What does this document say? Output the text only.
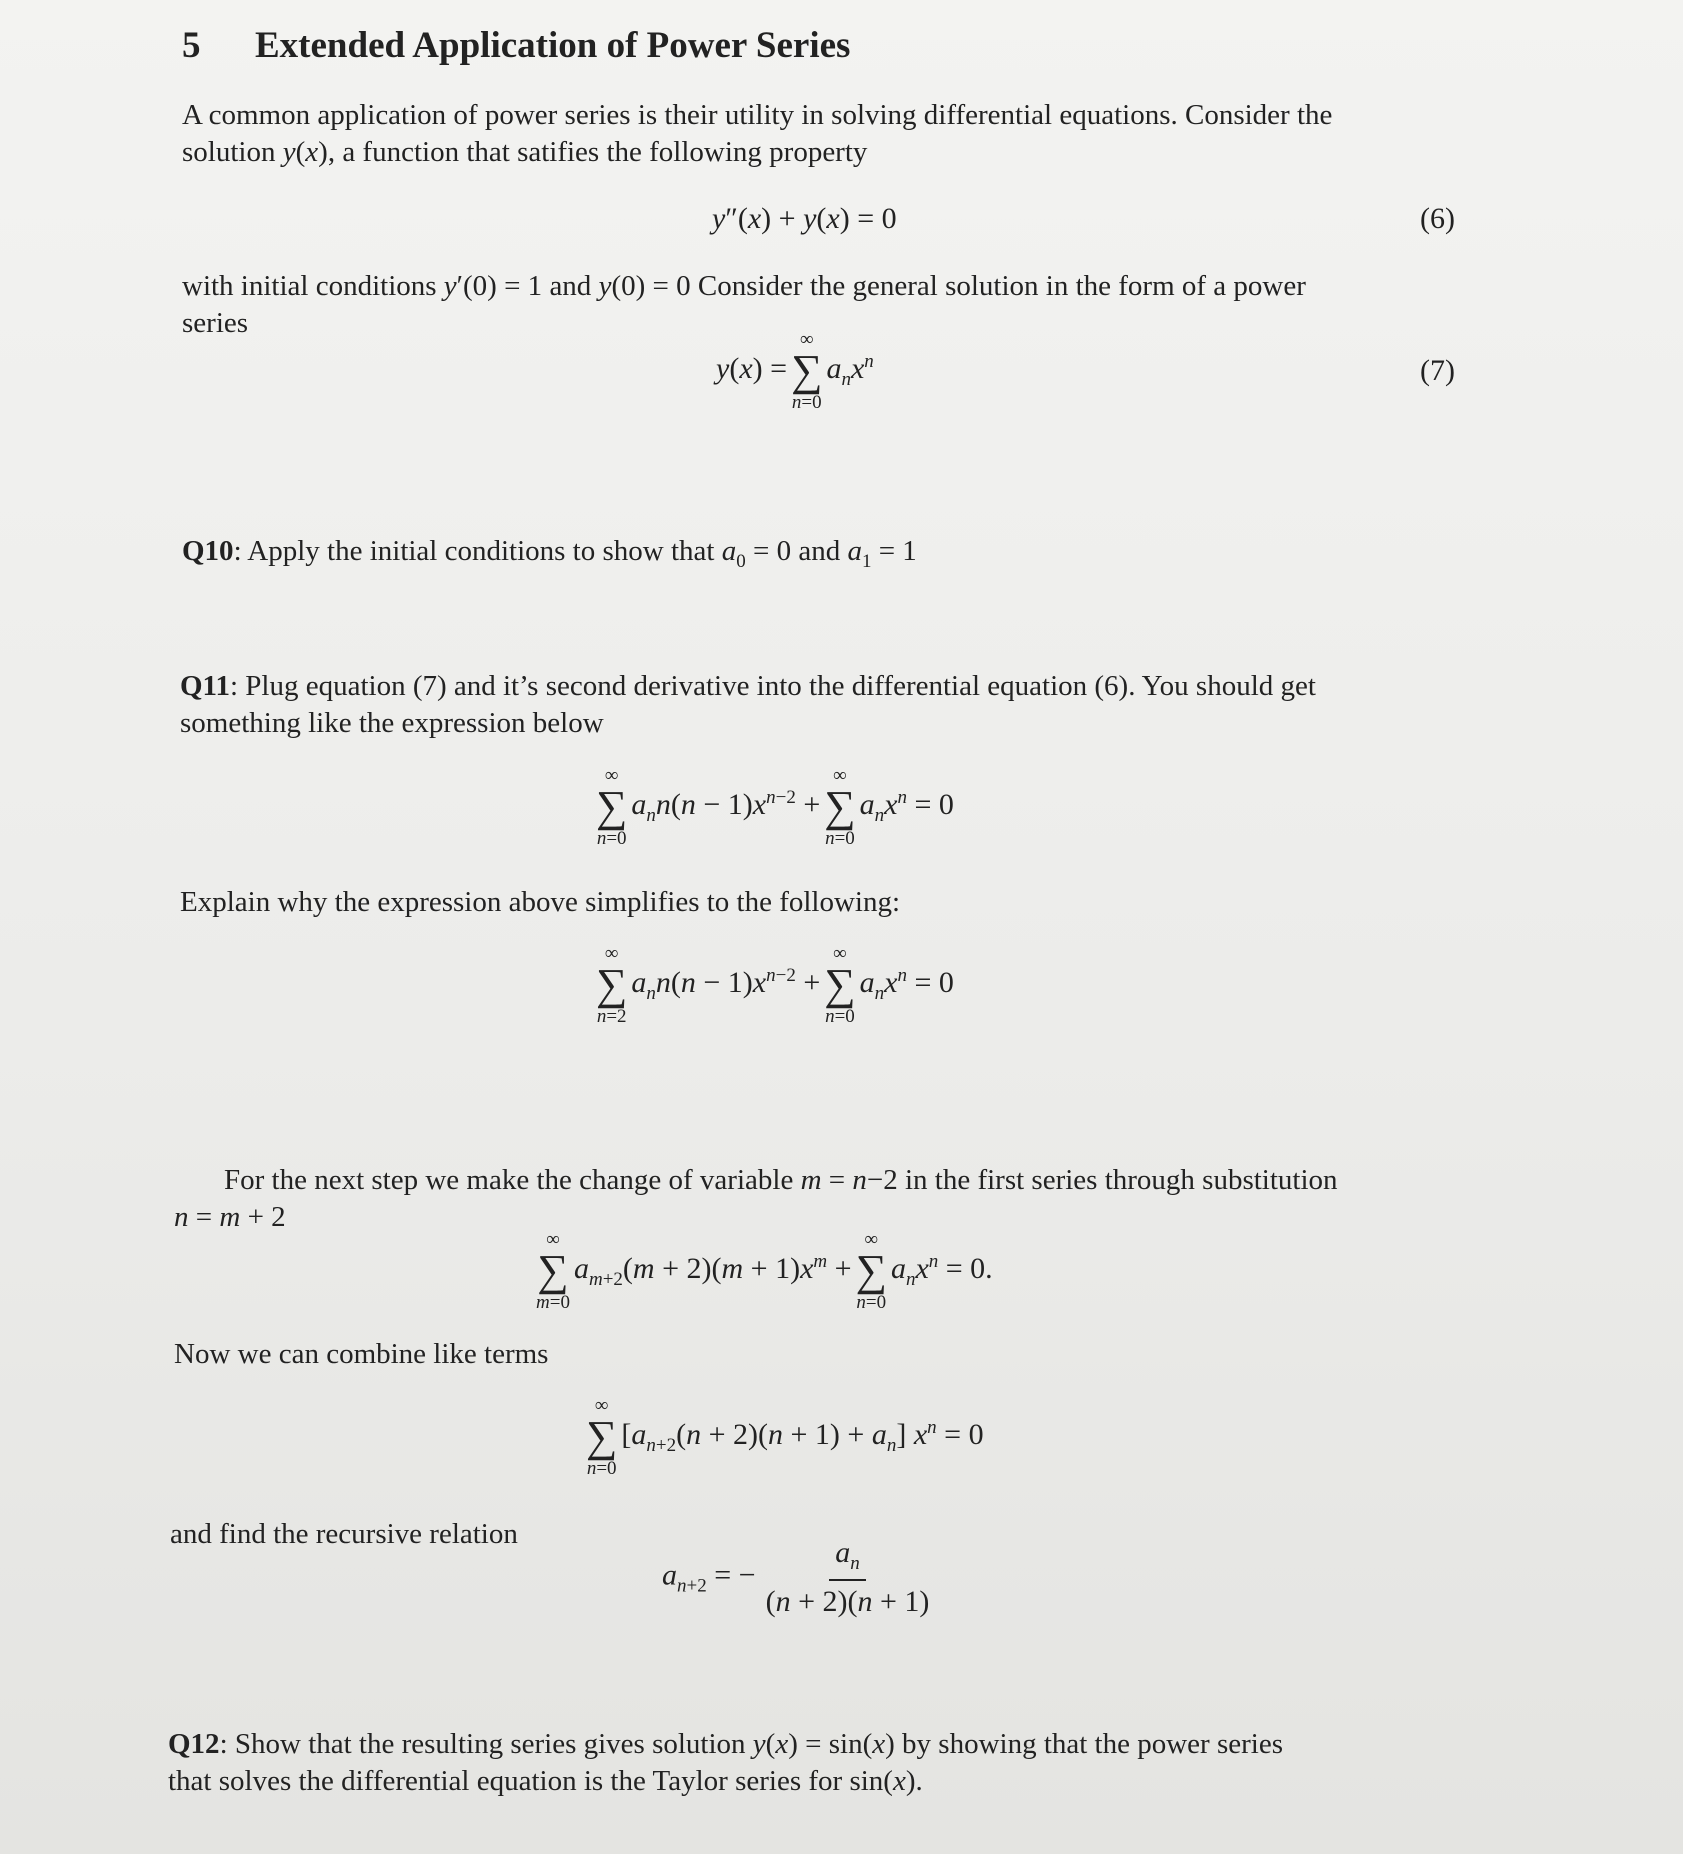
5 Extended Application of Power Series
A common application of power series is their utility in solving differential equations. Consider the
solution y(x), a function that satifies the following property
y″(x) + y(x) = 0	(6)
with initial conditions y′(0) = 1 and y(0) = 0 Consider the general solution in the form of a power
series
y(x) =
∞
∑
n=0
$a_nx^n$	(7)
Q10: Apply the initial conditions to show that $a_0 = 0$ and $a_1 = 1$
Q11: Plug equation (7) and it’s second derivative into the differential equation (6). You should get
something like the expression below
∞
∑
n=0
$a_nn(n - 1)x^{n-2}$ +
∞
∑
n=0
$a_nx^n = 0$
Explain why the expression above simplifies to the following:
∞
∑
n=2
$a_nn(n - 1)x^{n-2}$ +
∞
∑
n=0
$a_nx^n = 0$
For the next step we make the change of variable m = n−2 in the first series through substitution
n = m + 2
∞
∑
m=0
$a_{m+2}(m + 2)(m + 1)x^m$ +
∞
∑
n=0
$a_nx^n = 0$.
Now we can combine like terms
∞
∑
n=0
$[a_{n+2}(n + 2)(n + 1) + a_n] x^n = 0$
and find the recursive relation
$a_{n+2}$ = − $\frac{a_n}{(n + 2)(n + 1)}$
Q12: Show that the resulting series gives solution y(x) = sin(x) by showing that the power series
that solves the differential equation is the Taylor series for sin(x).
